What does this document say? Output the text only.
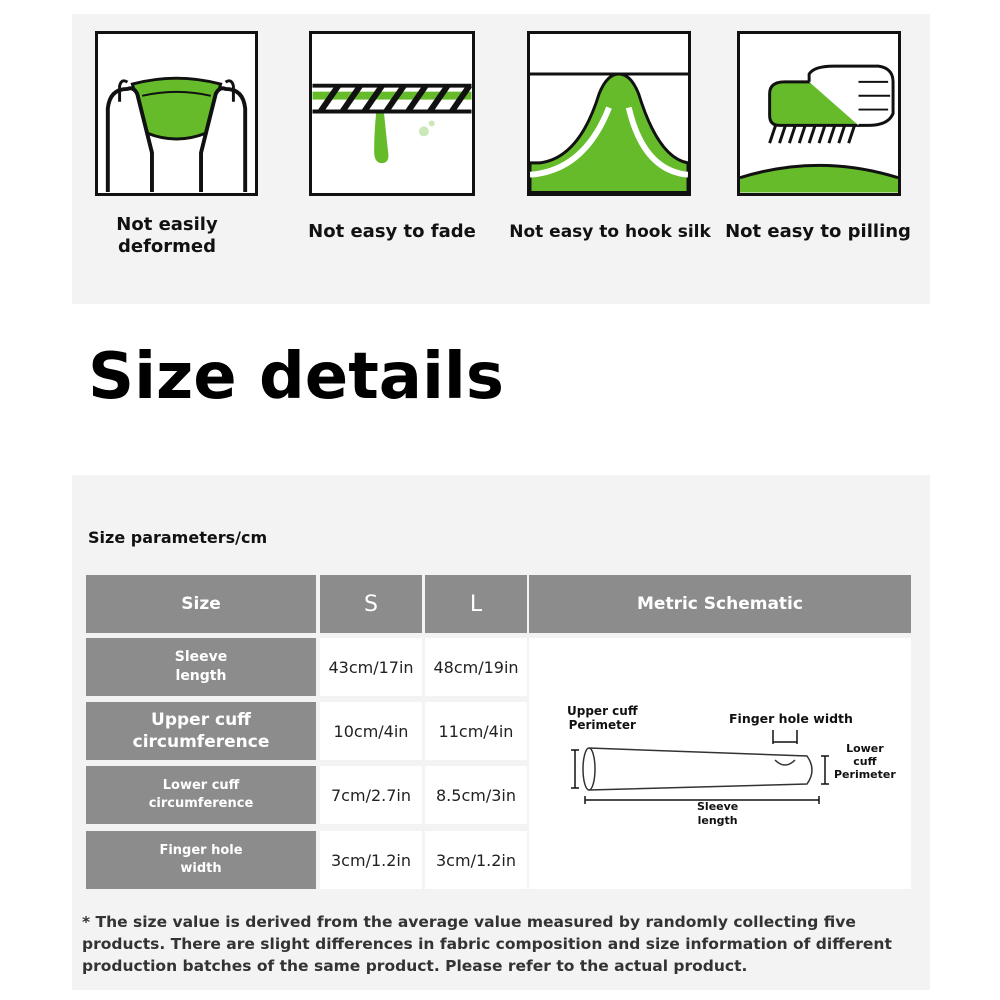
Not easily
deformed
Not easy to fade	Not easy to hook silk Not easy to pilling
Size details
Size parameters/cm
Size	S	L	Metric Schematic
Sleeve
length	43cm/17in	48cm/19in
Upper cuff
circumference
10cm/4in	11cm/4in
Lower cuff
circumference	7cm/2.7in	8.5cm/3in
Finger hole
width	3cm/1.2in	3cm/1.2in
Upper cuff
Perimeter	Finger hole width
Lower
cuff
Perimeter
Sleeve
length
* The size value is derived from the average value measured by randomly collecting five products. There are slight differences in fabric composition and size information of different production batches of the same product. Please refer to the actual product.
